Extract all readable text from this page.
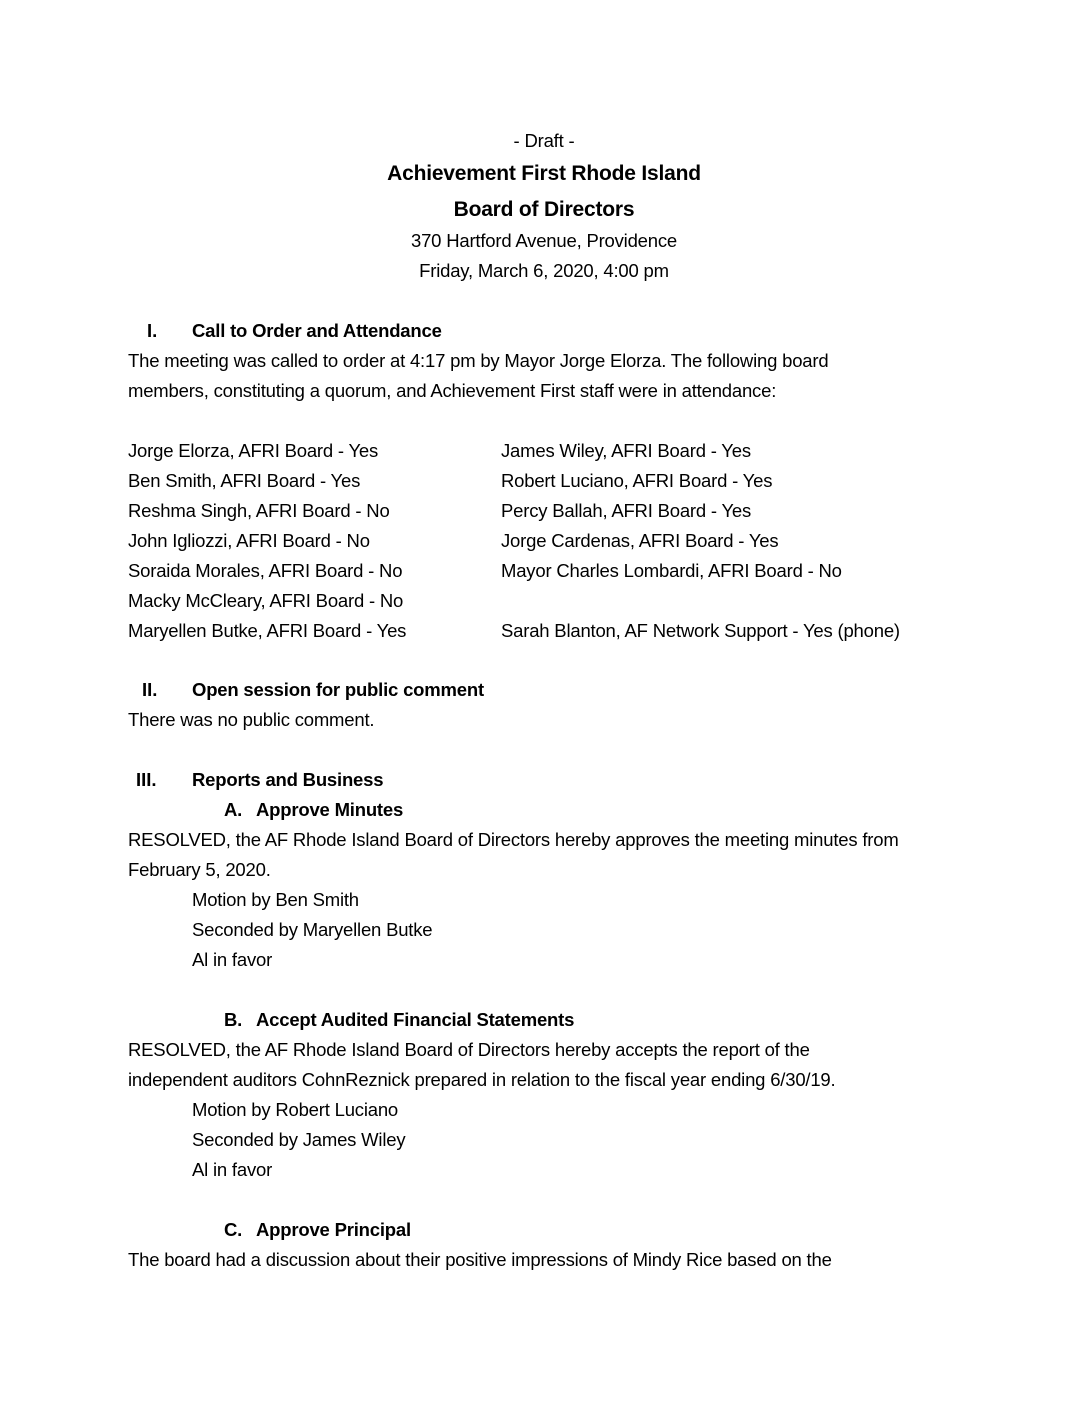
- Draft -
Achievement First Rhode Island
Board of Directors
370 Hartford Avenue, Providence
Friday, March 6, 2020, 4:00 pm
I. Call to Order and Attendance
The meeting was called to order at 4:17 pm by Mayor Jorge Elorza. The following board
members, constituting a quorum, and Achievement First staff were in attendance:
Jorge Elorza, AFRI Board - Yes
Ben Smith, AFRI Board - Yes
Reshma Singh, AFRI Board - No
John Igliozzi, AFRI Board - No
Soraida Morales, AFRI Board - No
Macky McCleary, AFRI Board - No
Maryellen Butke, AFRI Board - Yes
James Wiley, AFRI Board - Yes
Robert Luciano, AFRI Board - Yes
Percy Ballah, AFRI Board - Yes
Jorge Cardenas, AFRI Board - Yes
Mayor Charles Lombardi, AFRI Board - No
Sarah Blanton, AF Network Support - Yes (phone)
II. Open session for public comment
There was no public comment.
III. Reports and Business
A. Approve Minutes
RESOLVED, the AF Rhode Island Board of Directors hereby approves the meeting minutes from
February 5, 2020.
Motion by Ben Smith
Seconded by Maryellen Butke
Al in favor
B. Accept Audited Financial Statements
RESOLVED, the AF Rhode Island Board of Directors hereby accepts the report of the
independent auditors CohnReznick prepared in relation to the fiscal year ending 6/30/19.
Motion by Robert Luciano
Seconded by James Wiley
Al in favor
C. Approve Principal
The board had a discussion about their positive impressions of Mindy Rice based on the
